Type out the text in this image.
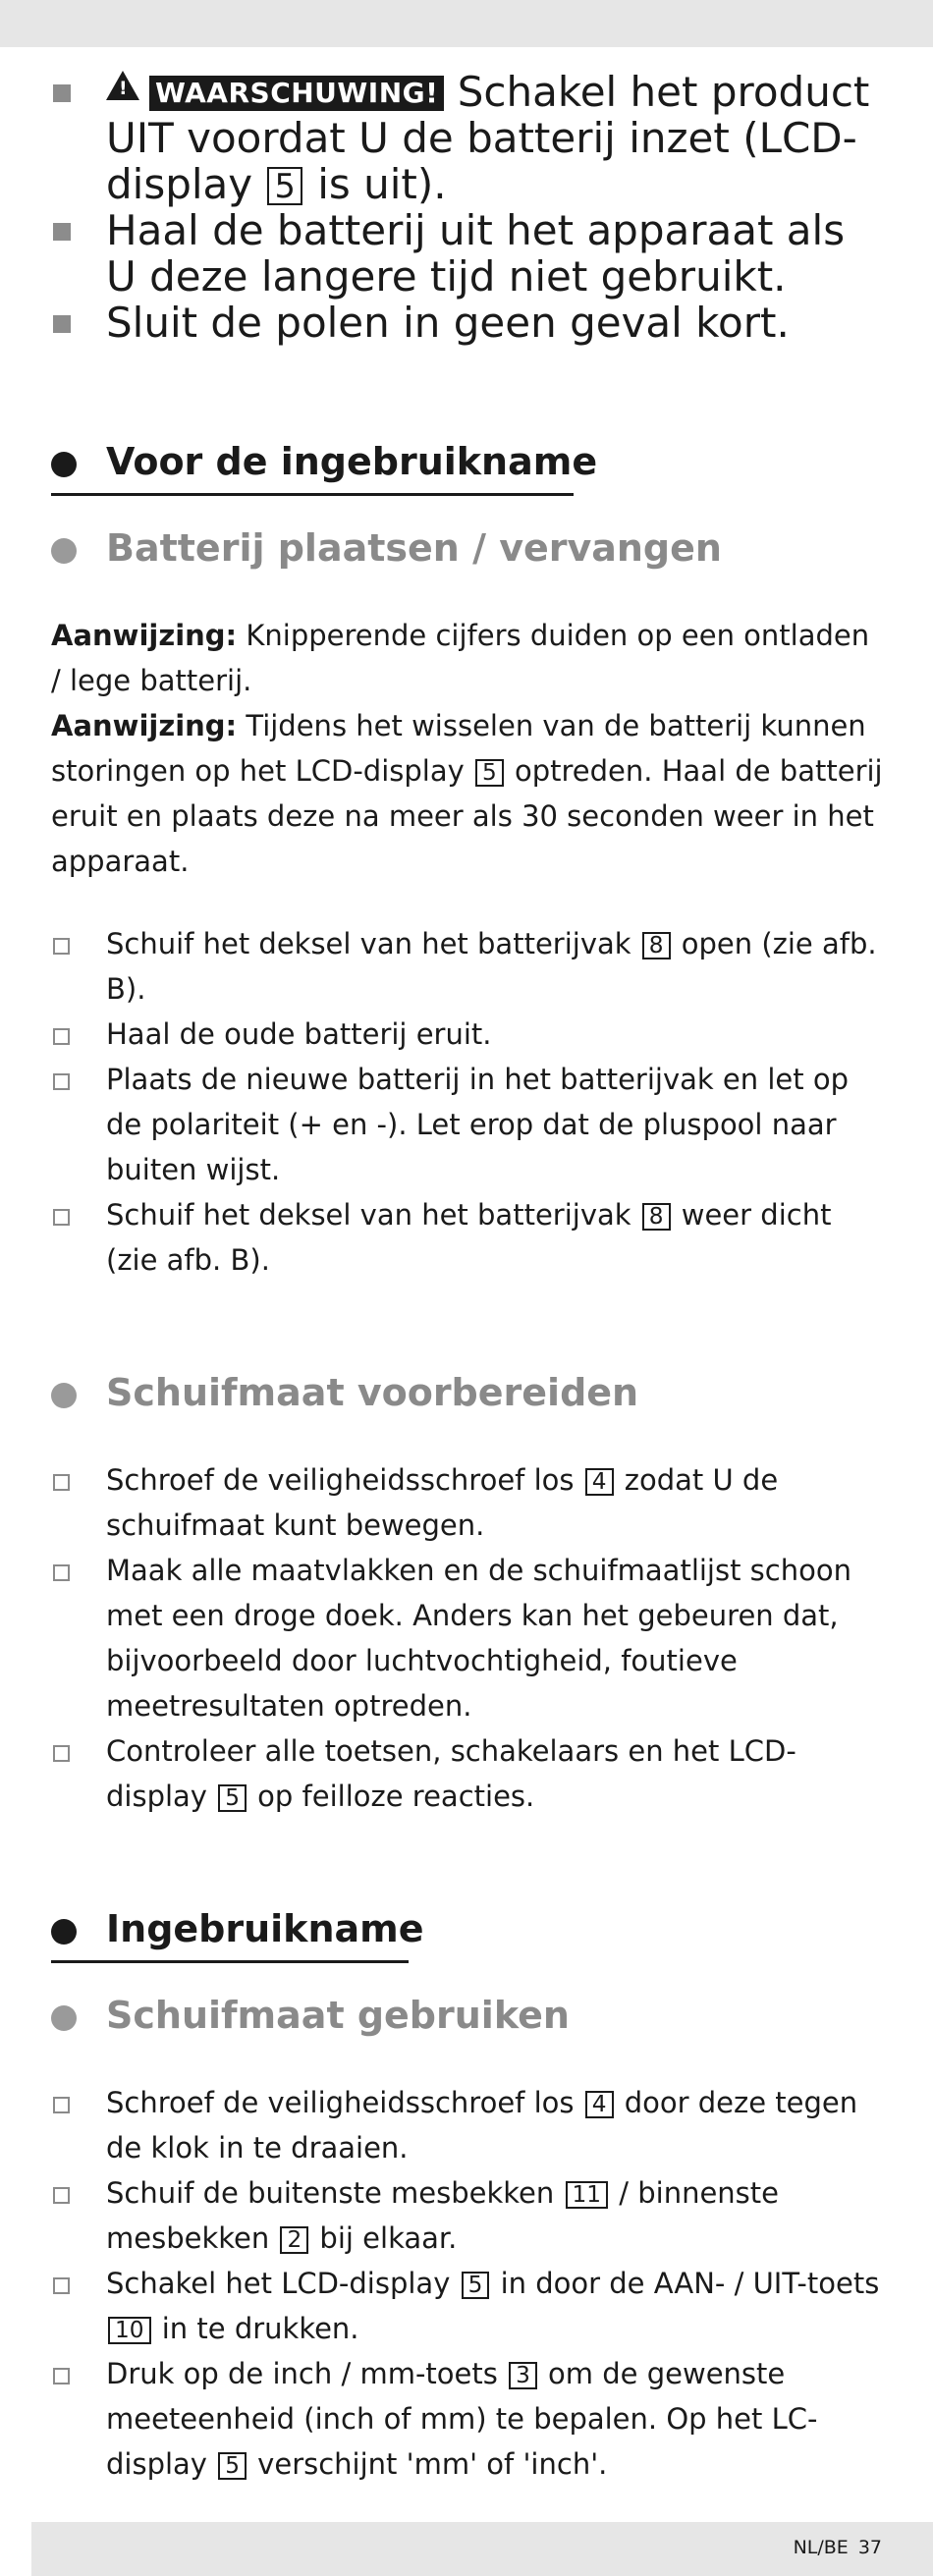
!WAARSCHUWING! Schakel het product UIT voordat U de batterij inzet (LCD-display 5 is uit).
Haal de batterij uit het apparaat als U deze langere tijd niet gebruikt.
Sluit de polen in geen geval kort.
Voor de ingebruikname
Batterij plaatsen / vervangen

Aanwijzing: Knipperende cijfers duiden op een ontladen / lege batterij.

Aanwijzing: Tijdens het wisselen van de batterij kunnen storingen op het LCD-display 5 optreden. Haal de batterij eruit en plaats deze na meer als 30 seconden weer in het apparaat.

Schuif het deksel van het batterijvak 8 open (zie afb. B).
Haal de oude batterij eruit.
Plaats de nieuwe batterij in het batterijvak en let op de polariteit (+ en -). Let erop dat de pluspool naar buiten wijst.
Schuif het deksel van het batterijvak 8 weer dicht (zie afb. B).
Schuifmaat voorbereiden
Schroef de veiligheidsschroef los 4 zodat U de schuifmaat kunt bewegen.
Maak alle maatvlakken en de schuifmaatlijst schoon met een droge doek. Anders kan het gebeuren dat, bijvoorbeeld door luchtvochtigheid, foutieve meetresultaten optreden.
Controleer alle toetsen, schakelaars en het LCD-display 5 op feilloze reacties.
Ingebruikname
Schuifmaat gebruiken
Schroef de veiligheidsschroef los 4 door deze tegen de klok in te draaien.
Schuif de buitenste mesbekken 11 / binnenste mesbekken 2 bij elkaar.
Schakel het LCD-display 5 in door de AAN- / UIT-toets 10 in te drukken.
Druk op de inch / mm-toets 3 om de gewenste meeteenheid (inch of mm) te bepalen. Op het LC-display 5 verschijnt 'mm' of 'inch'.
NL/BE 37
